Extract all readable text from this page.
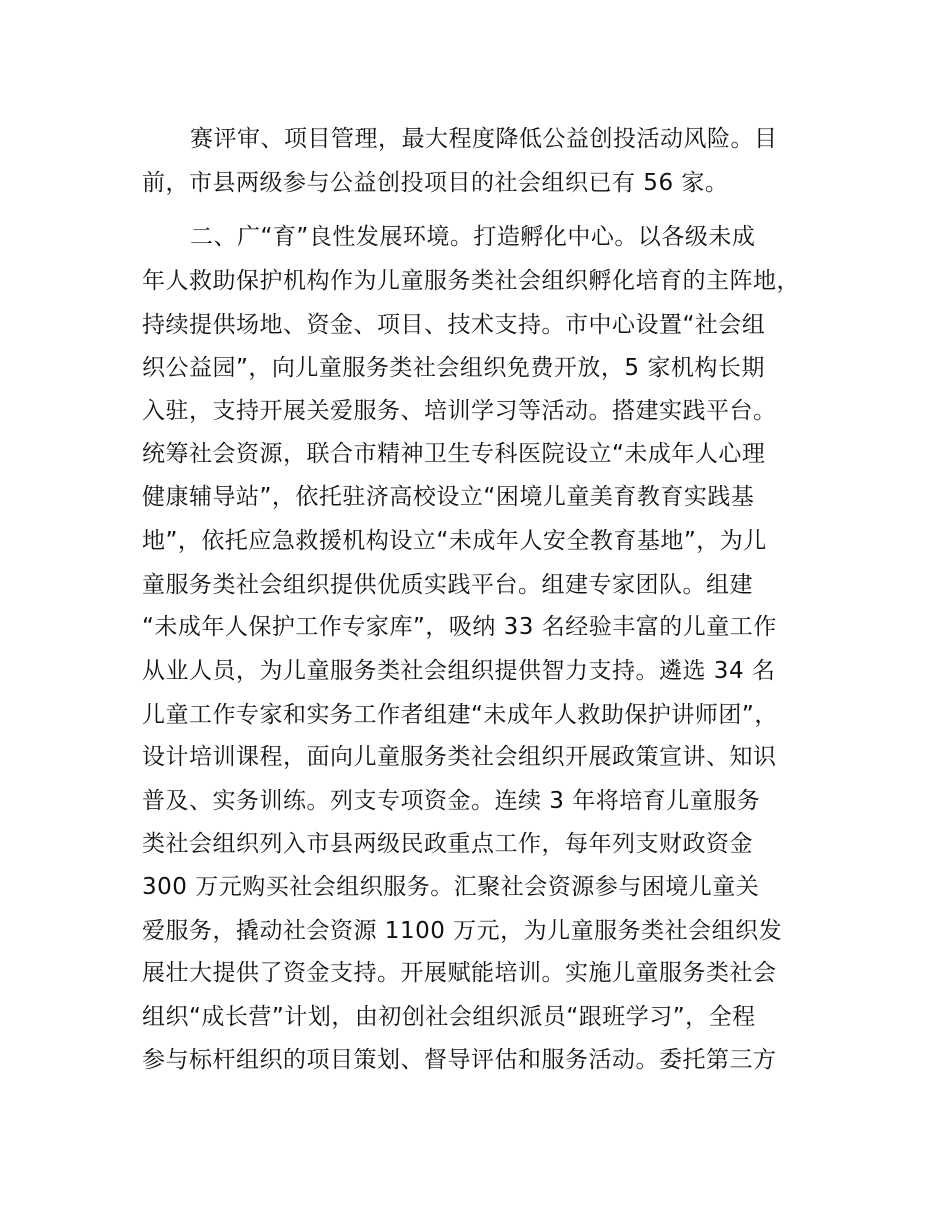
赛评审、项目管理，最大程度降低公益创投活动风险。目
前，市县两级参与公益创投项目的社会组织已有 56 家。
二、广“育”良性发展环境。打造孵化中心。以各级未成
年人救助保护机构作为儿童服务类社会组织孵化培育的主阵地，
持续提供场地、资金、项目、技术支持。市中心设置“社会组
织公益园”，向儿童服务类社会组织免费开放，5 家机构长期
入驻，支持开展关爱服务、培训学习等活动。搭建实践平台。
统筹社会资源，联合市精神卫生专科医院设立“未成年人心理
健康辅导站”，依托驻济高校设立“困境儿童美育教育实践基
地”，依托应急救援机构设立“未成年人安全教育基地”，为儿
童服务类社会组织提供优质实践平台。组建专家团队。组建
“未成年人保护工作专家库”，吸纳 33 名经验丰富的儿童工作
从业人员，为儿童服务类社会组织提供智力支持。遴选 34 名
儿童工作专家和实务工作者组建“未成年人救助保护讲师团”，
设计培训课程，面向儿童服务类社会组织开展政策宣讲、知识
普及、实务训练。列支专项资金。连续 3 年将培育儿童服务
类社会组织列入市县两级民政重点工作，每年列支财政资金
300 万元购买社会组织服务。汇聚社会资源参与困境儿童关
爱服务，撬动社会资源 1100 万元，为儿童服务类社会组织发
展壮大提供了资金支持。开展赋能培训。实施儿童服务类社会
组织“成长营”计划，由初创社会组织派员“跟班学习”，全程
参与标杆组织的项目策划、督导评估和服务活动。委托第三方
